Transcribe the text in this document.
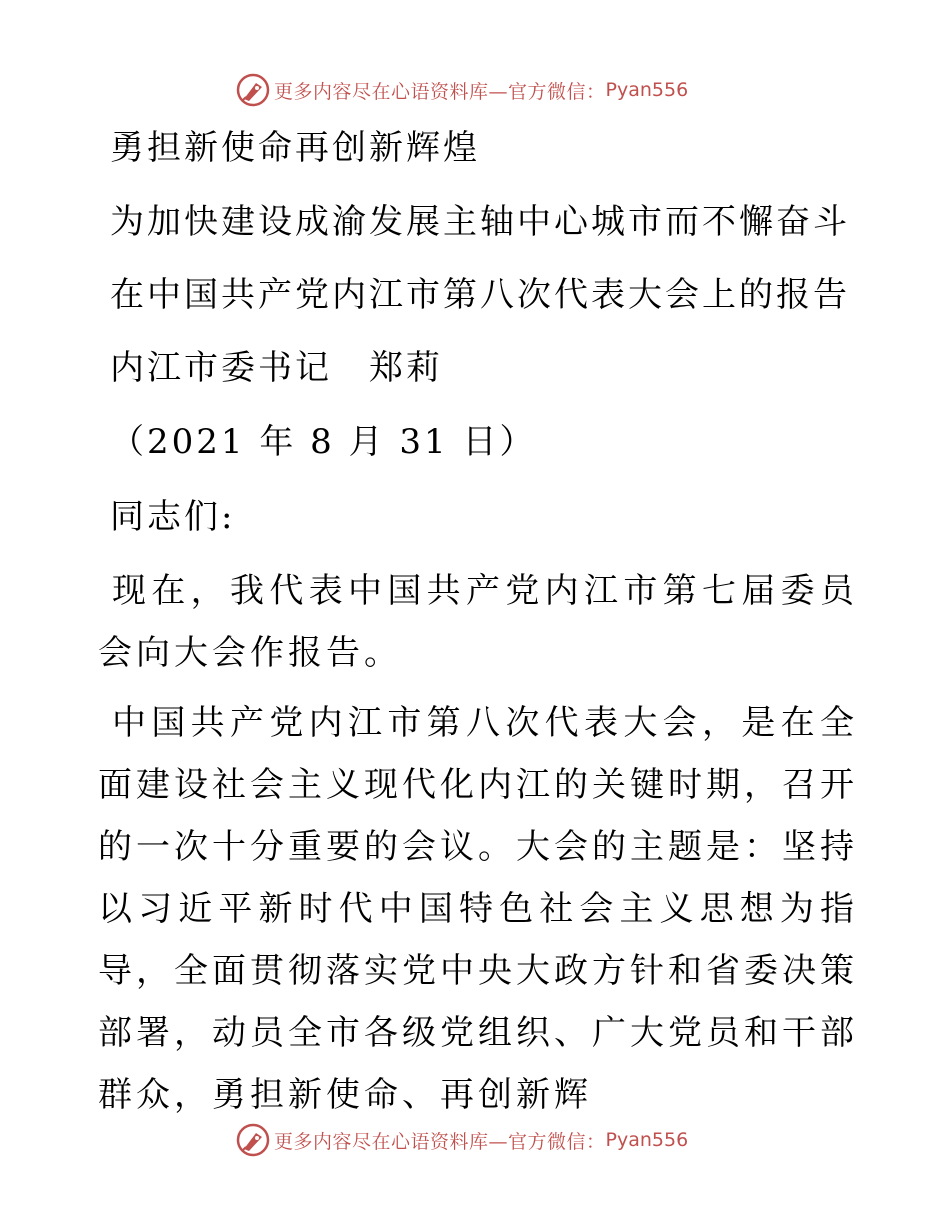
更多内容尽在心语资料库—官方微信： Pyan556
勇担新使命再创新辉煌
为加快建设成渝发展主轴中心城市而不懈奋斗
在中国共产党内江市第八次代表大会上的报告
内江市委书记　郑莉
（2021 年 8 月 31 日）
同志们:
现在，我代表中国共产党内江市第七届委员会向大会作报告。
中国共产党内江市第八次代表大会，是在全面建设社会主义现代化内江的关键时期，召开的一次十分重要的会议。大会的主题是：坚持以习近平新时代中国特色社会主义思想为指导，全面贯彻落实党中央大政方针和省委决策部署，动员全市各级党组织、广大党员和干部群众，勇担新使命、再创新辉
更多内容尽在心语资料库—官方微信： Pyan556
